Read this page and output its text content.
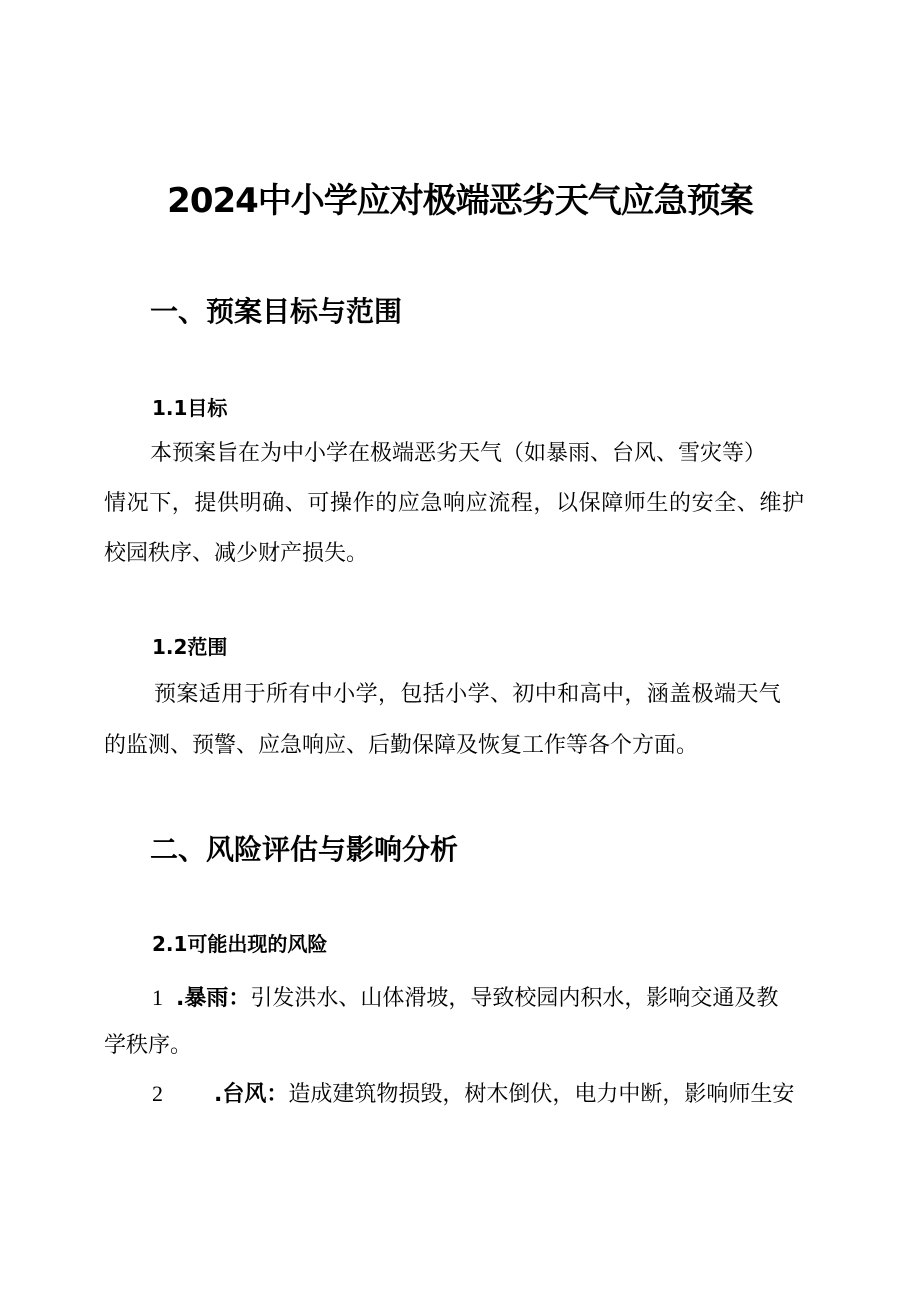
2024中小学应对极端恶劣天气应急预案
一、预案目标与范围
1.1目标

本预案旨在为中小学在极端恶劣天气（如暴雨、台风、雪灾等）

情况下，提供明确、可操作的应急响应流程，以保障师生的安全、维护

校园秩序、减少财产损失。

1.2范围

预案适用于所有中小学，包括小学、初中和高中，涵盖极端天气

的监测、预警、应急响应、后勤保障及恢复工作等各个方面。

二、风险评估与影响分析
2.1可能出现的风险
1 .暴雨：引发洪水、山体滑坡，导致校园内积水，影响交通及教

学秩序。

2 .台风：造成建筑物损毁，树木倒伏，电力中断，影响师生安
